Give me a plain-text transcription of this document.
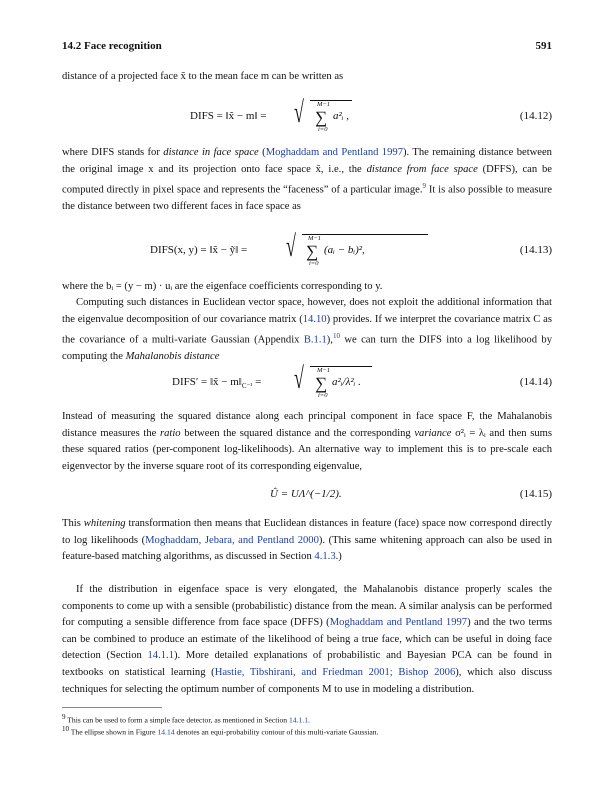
14.2 Face recognition	591
distance of a projected face x̃ to the mean face m can be written as
DIFS = ‖x̃ − m‖ = √ M−1
∑
i=0
a²ᵢ ,	(14.12)
where DIFS stands for distance in face space (Moghaddam and Pentland 1997). The remaining distance between the original image x and its projection onto face space x̃, i.e., the distance from face space (DFFS), can be computed directly in pixel space and represents the “faceness” of a particular image.$^9$ It is also possible to measure the distance between two different faces in face space as
DIFS(x, y) = ‖x̃ − ỹ‖ = √ M−1
∑
i=0
(aᵢ − bᵢ)²,	(14.13)
where the bᵢ = (y − m) · uᵢ are the eigenface coefficients corresponding to y.
Computing such distances in Euclidean vector space, however, does not exploit the additional information that the eigenvalue decomposition of our covariance matrix (14.10) provides. If we interpret the covariance matrix C as the covariance of a multi-variate Gaussian (Appendix B.1.1),$^{10}$ we can turn the DIFS into a log likelihood by computing the Mahalanobis distance
DIFS′ = ‖x̃ − $m‖_{C^{-1}}$ = √ M−1
∑
i=0
a²ᵢ/λ²ᵢ .	(14.14)
Instead of measuring the squared distance along each principal component in face space F, the Mahalanobis distance measures the ratio between the squared distance and the corresponding variance σ²ᵢ = λᵢ and then sums these squared ratios (per-component log-likelihoods). An alternative way to implement this is to pre-scale each eigenvector by the inverse square root of its corresponding eigenvalue,
Û = UΛ^(−1/2).	(14.15)
This whitening transformation then means that Euclidean distances in feature (face) space now correspond directly to log likelihoods (Moghaddam, Jebara, and Pentland 2000). (This same whitening approach can also be used in feature-based matching algorithms, as discussed in Section 4.1.3.)
If the distribution in eigenface space is very elongated, the Mahalanobis distance properly scales the components to come up with a sensible (probabilistic) distance from the mean. A similar analysis can be performed for computing a sensible difference from face space (DFFS) (Moghaddam and Pentland 1997) and the two terms can be combined to produce an estimate of the likelihood of being a true face, which can be useful in doing face detection (Section 14.1.1). More detailed explanations of probabilistic and Bayesian PCA can be found in textbooks on statistical learning (Hastie, Tibshirani, and Friedman 2001; Bishop 2006), which also discuss techniques for selecting the optimum number of components M to use in modeling a distribution.
$^9$ This can be used to form a simple face detector, as mentioned in Section 14.1.1.
$^{10}$ The ellipse shown in Figure 14.14 denotes an equi-probability contour of this multi-variate Gaussian.
